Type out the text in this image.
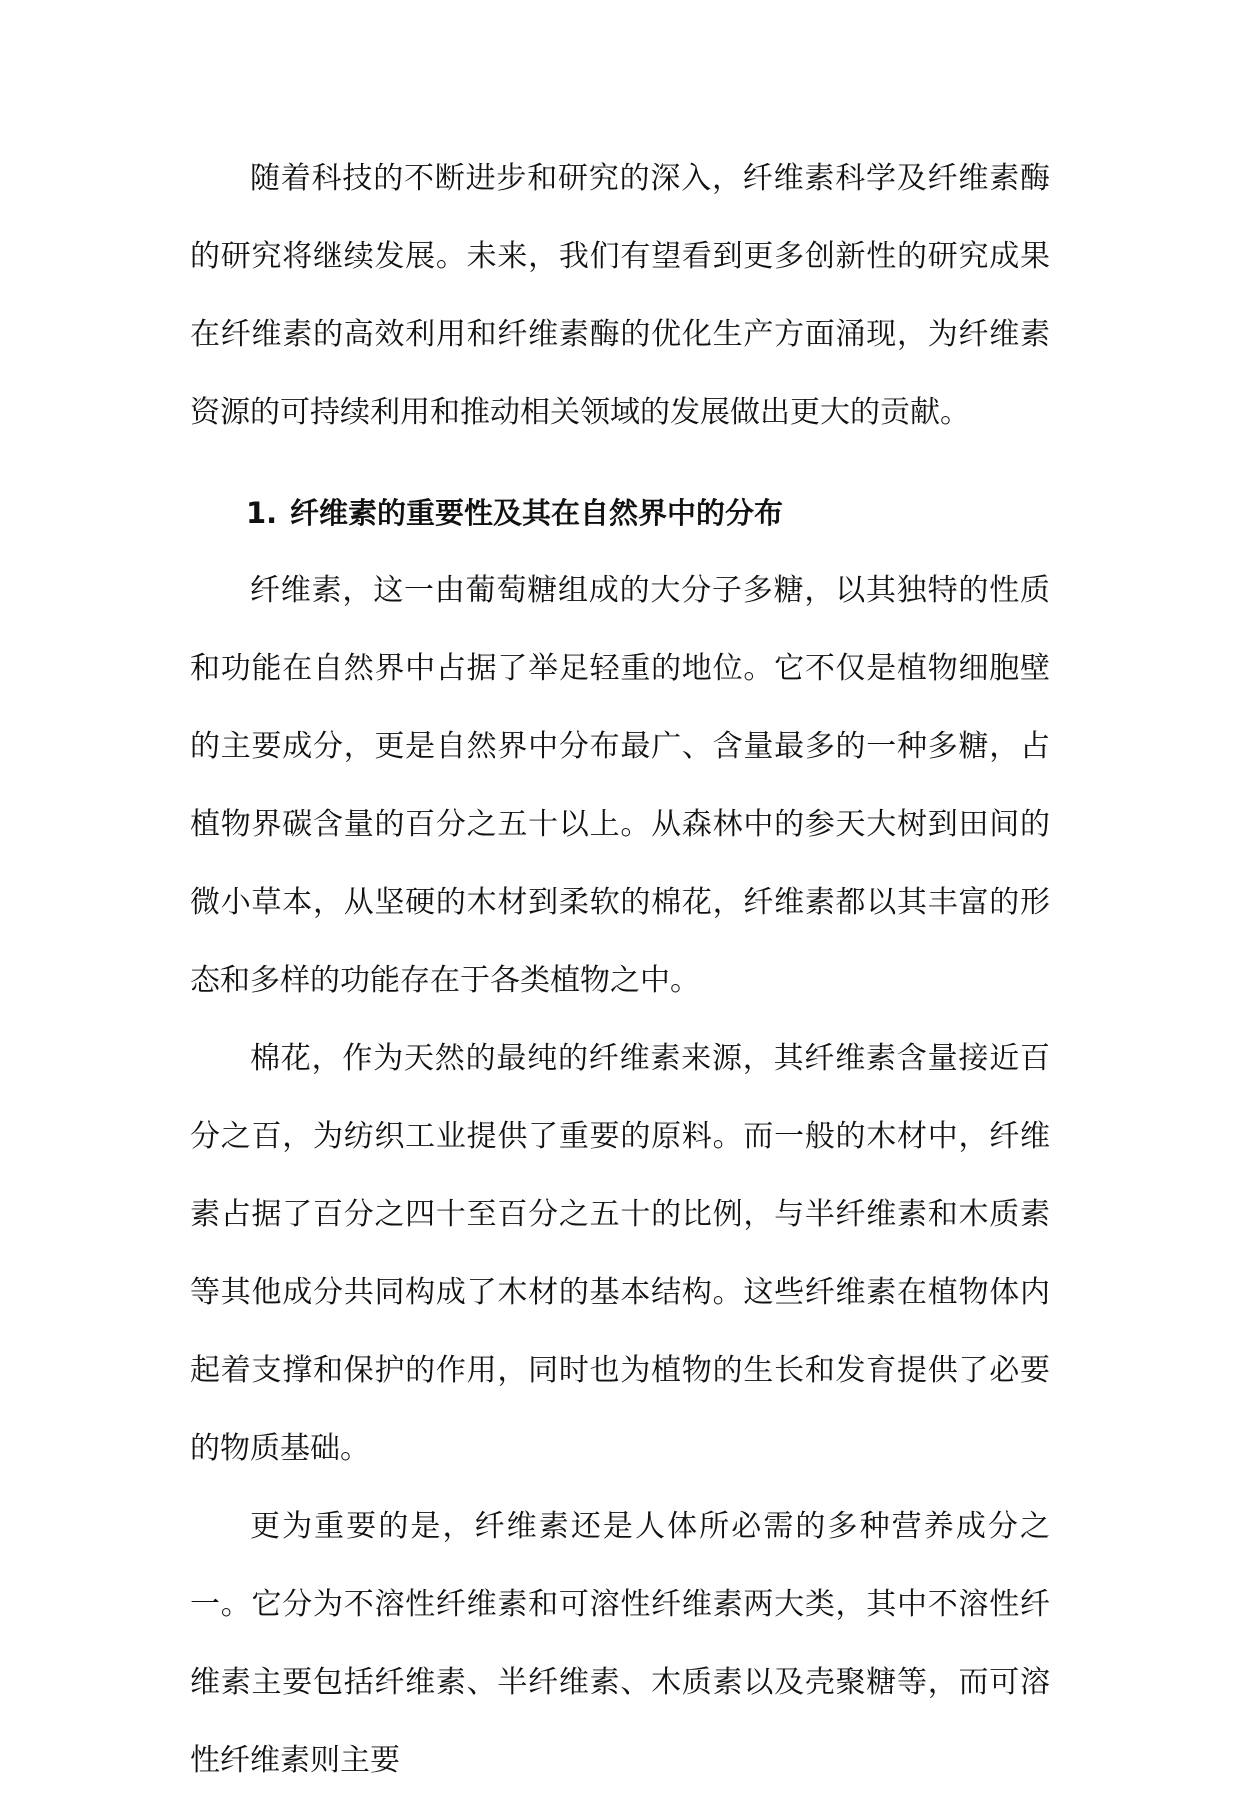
随着科技的不断进步和研究的深入，纤维素科学及纤维素酶的研究将继续发展。未来，我们有望看到更多创新性的研究成果在纤维素的高效利用和纤维素酶的优化生产方面涌现，为纤维素资源的可持续利用和推动相关领域的发展做出更大的贡献。

1. 纤维素的重要性及其在自然界中的分布

纤维素，这一由葡萄糖组成的大分子多糖，以其独特的性质和功能在自然界中占据了举足轻重的地位。它不仅是植物细胞壁的主要成分，更是自然界中分布最广、含量最多的一种多糖，占植物界碳含量的百分之五十以上。从森林中的参天大树到田间的微小草本，从坚硬的木材到柔软的棉花，纤维素都以其丰富的形态和多样的功能存在于各类植物之中。

棉花，作为天然的最纯的纤维素来源，其纤维素含量接近百分之百，为纺织工业提供了重要的原料。而一般的木材中，纤维素占据了百分之四十至百分之五十的比例，与半纤维素和木质素等其他成分共同构成了木材的基本结构。这些纤维素在植物体内起着支撑和保护的作用，同时也为植物的生长和发育提供了必要的物质基础。

更为重要的是，纤维素还是人体所必需的多种营养成分之一。它分为不溶性纤维素和可溶性纤维素两大类，其中不溶性纤维素主要包括纤维素、半纤维素、木质素以及壳聚糖等，而可溶性纤维素则主要
